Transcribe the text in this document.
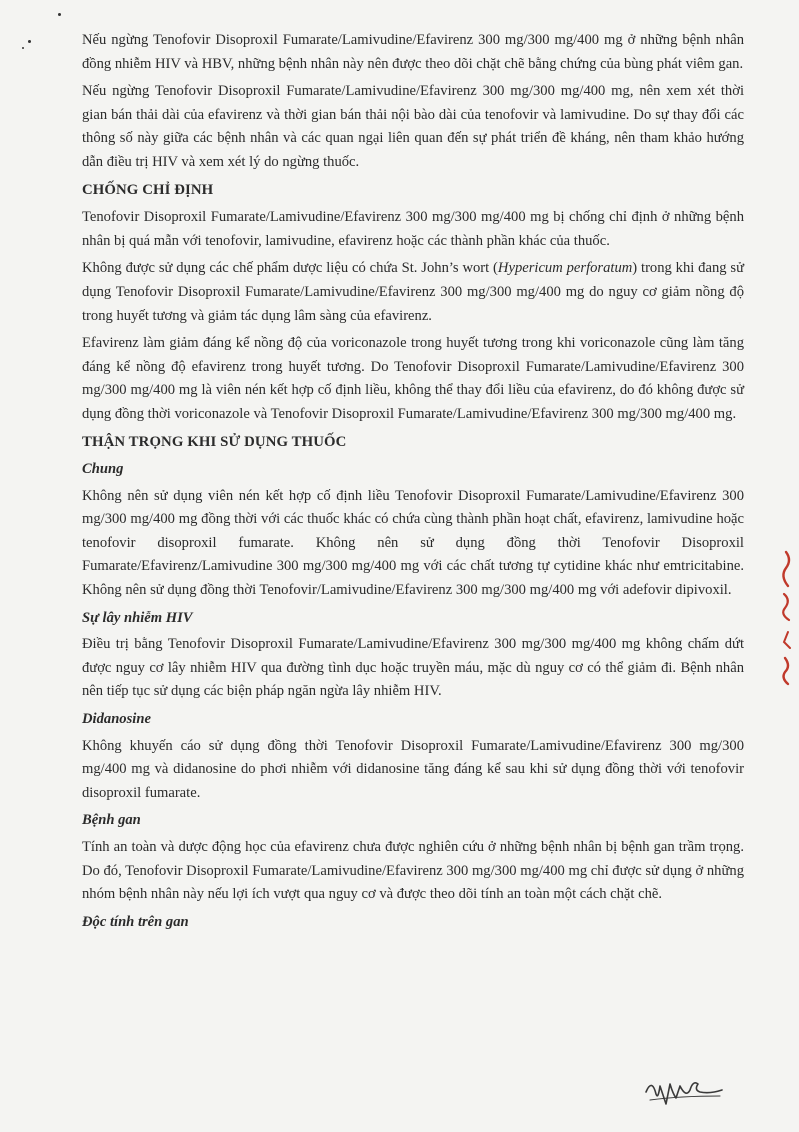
Nếu ngừng Tenofovir Disoproxil Fumarate/Lamivudine/Efavirenz 300 mg/300 mg/400 mg ở những bệnh nhân đồng nhiễm HIV và HBV, những bệnh nhân này nên được theo dõi chặt chẽ bằng chứng của bùng phát viêm gan.

Nếu ngừng Tenofovir Disoproxil Fumarate/Lamivudine/Efavirenz 300 mg/300 mg/400 mg, nên xem xét thời gian bán thải dài của efavirenz và thời gian bán thải nội bào dài của tenofovir và lamivudine. Do sự thay đổi các thông số này giữa các bệnh nhân và các quan ngại liên quan đến sự phát triển đề kháng, nên tham khảo hướng dẫn điều trị HIV và xem xét lý do ngừng thuốc.

CHỐNG CHỈ ĐỊNH

Tenofovir Disoproxil Fumarate/Lamivudine/Efavirenz 300 mg/300 mg/400 mg bị chống chỉ định ở những bệnh nhân bị quá mẫn với tenofovir, lamivudine, efavirenz hoặc các thành phần khác của thuốc.

Không được sử dụng các chế phẩm dược liệu có chứa St. John’s wort (Hypericum perforatum) trong khi đang sử dụng Tenofovir Disoproxil Fumarate/Lamivudine/Efavirenz 300 mg/300 mg/400 mg do nguy cơ giảm nồng độ trong huyết tương và giảm tác dụng lâm sàng của efavirenz.

Efavirenz làm giảm đáng kể nồng độ của voriconazole trong huyết tương trong khi voriconazole cũng làm tăng đáng kể nồng độ efavirenz trong huyết tương. Do Tenofovir Disoproxil Fumarate/Lamivudine/Efavirenz 300 mg/300 mg/400 mg là viên nén kết hợp cố định liều, không thể thay đổi liều của efavirenz, do đó không được sử dụng đồng thời voriconazole và Tenofovir Disoproxil Fumarate/Lamivudine/Efavirenz 300 mg/300 mg/400 mg.

THẬN TRỌNG KHI SỬ DỤNG THUỐC
Chung

Không nên sử dụng viên nén kết hợp cố định liều Tenofovir Disoproxil Fumarate/Lamivudine/Efavirenz 300 mg/300 mg/400 mg đồng thời với các thuốc khác có chứa cùng thành phần hoạt chất, efavirenz, lamivudine hoặc tenofovir disoproxil fumarate. Không nên sử dụng đồng thời Tenofovir Disoproxil Fumarate/Efavirenz/Lamivudine 300 mg/300 mg/400 mg với các chất tương tự cytidine khác như emtricitabine. Không nên sử dụng đồng thời Tenofovir/Lamivudine/Efavirenz 300 mg/300 mg/400 mg với adefovir dipivoxil.

Sự lây nhiễm HIV

Điều trị bằng Tenofovir Disoproxil Fumarate/Lamivudine/Efavirenz 300 mg/300 mg/400 mg không chấm dứt được nguy cơ lây nhiễm HIV qua đường tình dục hoặc truyền máu, mặc dù nguy cơ có thể giảm đi. Bệnh nhân nên tiếp tục sử dụng các biện pháp ngăn ngừa lây nhiễm HIV.

Didanosine

Không khuyến cáo sử dụng đồng thời Tenofovir Disoproxil Fumarate/Lamivudine/Efavirenz 300 mg/300 mg/400 mg và didanosine do phơi nhiễm với didanosine tăng đáng kể sau khi sử dụng đồng thời với tenofovir disoproxil fumarate.

Bệnh gan

Tính an toàn và dược động học của efavirenz chưa được nghiên cứu ở những bệnh nhân bị bệnh gan trầm trọng. Do đó, Tenofovir Disoproxil Fumarate/Lamivudine/Efavirenz 300 mg/300 mg/400 mg chỉ được sử dụng ở những nhóm bệnh nhân này nếu lợi ích vượt qua nguy cơ và được theo dõi tính an toàn một cách chặt chẽ.

Độc tính trên gan
